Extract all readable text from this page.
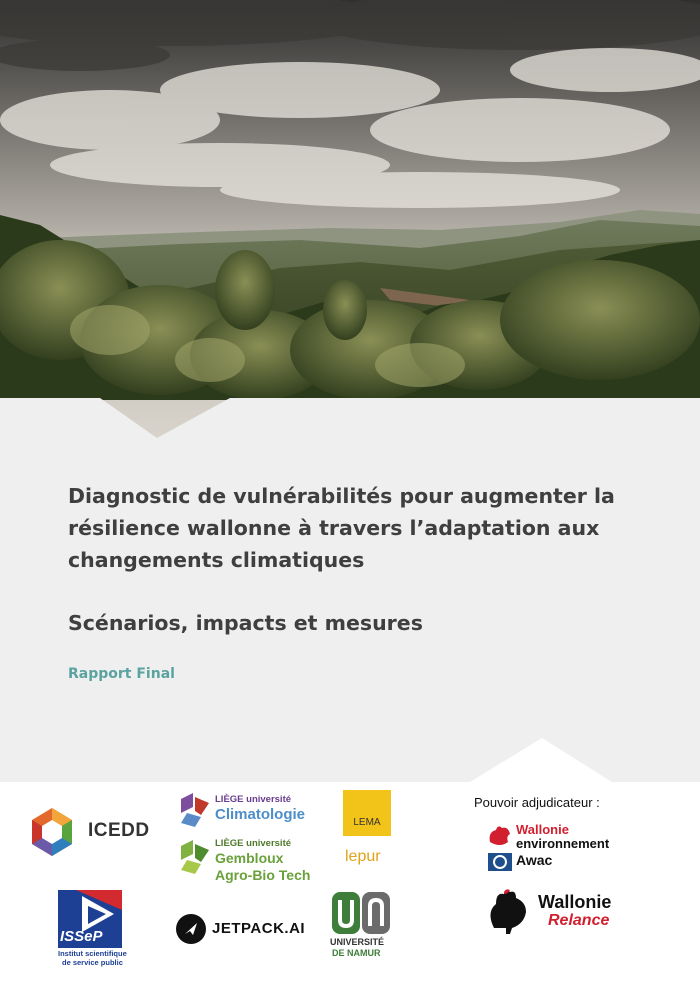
Diagnostic de vulnérabilités pour augmenter la résilience wallonne à travers l’adaptation aux changements climatiques
Scénarios, impacts et mesures
Rapport Final
ICEDD
LIÈGE université
Climatologie
LIÈGE université
Gembloux
Agro-Bio Tech
LEMA
lepur
ISSeP
Institut scientifique
de service public
JETPACK.AI
UNIVERSITÉ
DE NAMUR
Pouvoir adjudicateur :
Wallonie
environnement
Awac
Wallonie
Relance
